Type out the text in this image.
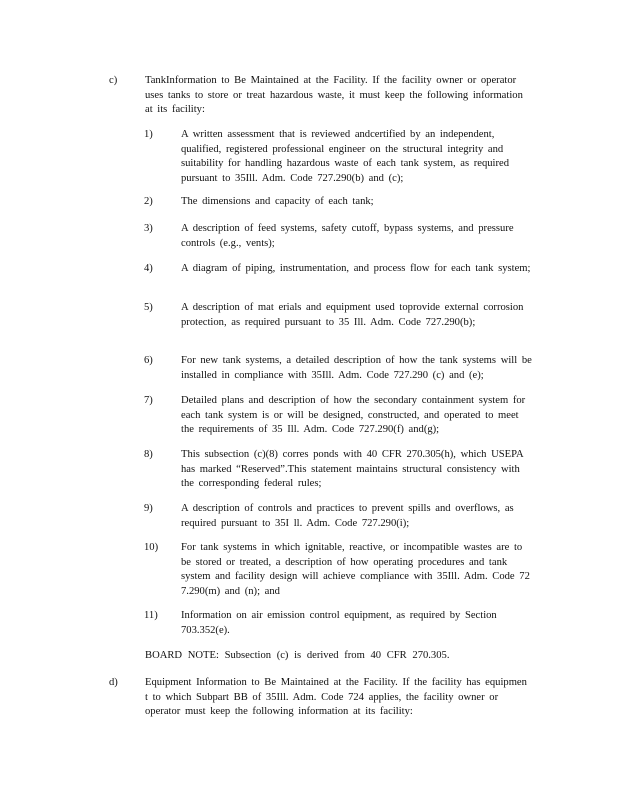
c)	TankInformation to Be Maintained at the Facility. If the facility owner or operator uses tanks to store or treat hazardous waste, it must keep the following information at its facility:
1)	A written assessment that is reviewed andcertified by an independent, qualified, registered professional engineer on the structural integrity and suitability for handling hazardous waste of each tank system, as required pursuant to 35Ill. Adm. Code 727.290(b) and (c);
2)	The dimensions and capacity of each tank;
3)	A description of feed systems, safety cutoff, bypass systems, and pressure controls (e.g., vents);
4)	A diagram of piping, instrumentation, and process flow for each tank system;
5)	A description of mat erials and equipment used toprovide external corrosion protection, as required pursuant to 35 Ill. Adm. Code 727.290(b);
6)	For new tank systems, a detailed description of how the tank systems will be installed in compliance with 35Ill. Adm. Code 727.290 (c) and (e);
7)	Detailed plans and description of how the secondary containment system for each tank system is or will be designed, constructed, and operated to meet the requirements of 35 Ill. Adm. Code 727.290(f) and(g);
8)	This subsection (c)(8) corres ponds with 40 CFR 270.305(h), which USEPA has marked “Reserved”.This statement maintains structural consistency with the corresponding federal rules;
9)	A description of controls and practices to prevent spills and overflows, as required pursuant to 35I ll. Adm. Code 727.290(i);
10) For tank systems in which ignitable, reactive, or incompatible wastes are to be stored or treated, a description of how operating procedures and tank system and facility design will achieve compliance with 35Ill. Adm. Code 72 7.290(m) and (n); and
11) Information on air emission control equipment, as required by Section 703.352(e).
BOARD NOTE: Subsection (c) is derived from 40 CFR 270.305.
d)	Equipment Information to Be Maintained at the Facility. If the facility has equipmen t to which Subpart BB of 35Ill. Adm. Code 724 applies, the facility owner or operator must keep the following information at its facility:
